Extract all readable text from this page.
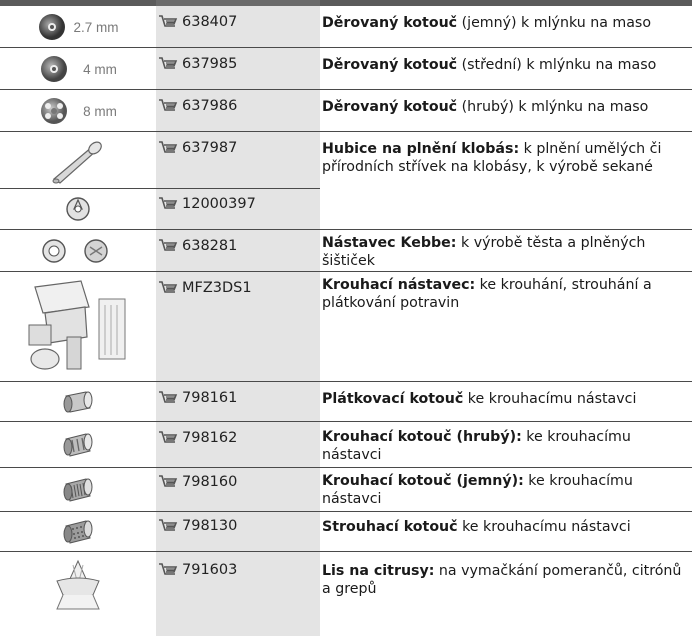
2.7 mm	638407	Děrovaný kotouč (jemný) k mlýnku na maso
4 mm	637985	Děrovaný kotouč (střední) k mlýnku na maso
8 mm	637986	Děrovaný kotouč (hrubý) k mlýnku na maso
637987	Hubice na plnění klobás: k plnění umělých či přírodních střívek na klobásy, k výrobě sekané
12000397
638281	Nástavec Kebbe: k výrobě těsta a plněných šištiček
MFZ3DS1	Krouhací nástavec: ke krouhání, strouhání a plátkování potravin
798161	Plátkovací kotouč ke krouhacímu nástavci
798162	Krouhací kotouč (hrubý): ke krouhacímu nástavci
798160	Krouhací kotouč (jemný): ke krouhacímu nástavci
798130	Strouhací kotouč ke krouhacímu nástavci
791603	Lis na citrusy: na vymačkání pomerančů, citrónů a grepů
